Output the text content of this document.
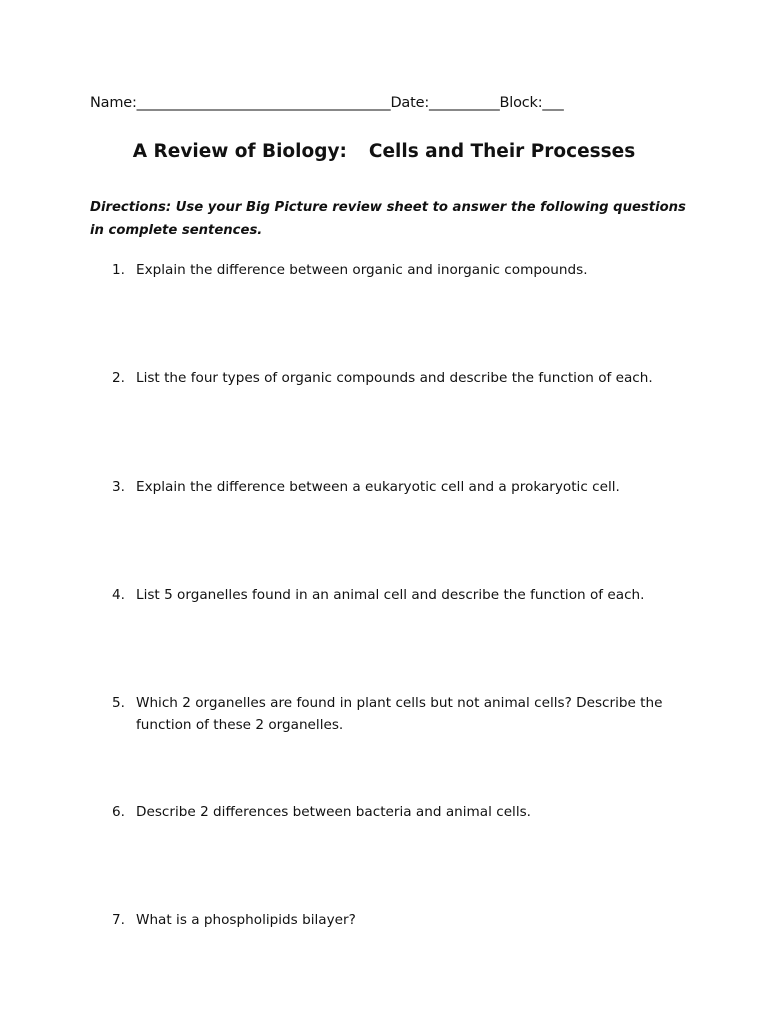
Name:____________________________________Date:__________Block:___
A Review of Biology: Cells and Their Processes
Directions: Use your Big Picture review sheet to answer the following questions in complete sentences.
1. Explain the difference between organic and inorganic compounds.
2. List the four types of organic compounds and describe the function of each.
3. Explain the difference between a eukaryotic cell and a prokaryotic cell.
4. List 5 organelles found in an animal cell and describe the function of each.
5. Which 2 organelles are found in plant cells but not animal cells? Describe the function of these 2 organelles.
6. Describe 2 differences between bacteria and animal cells.
7. What is a phospholipids bilayer?
